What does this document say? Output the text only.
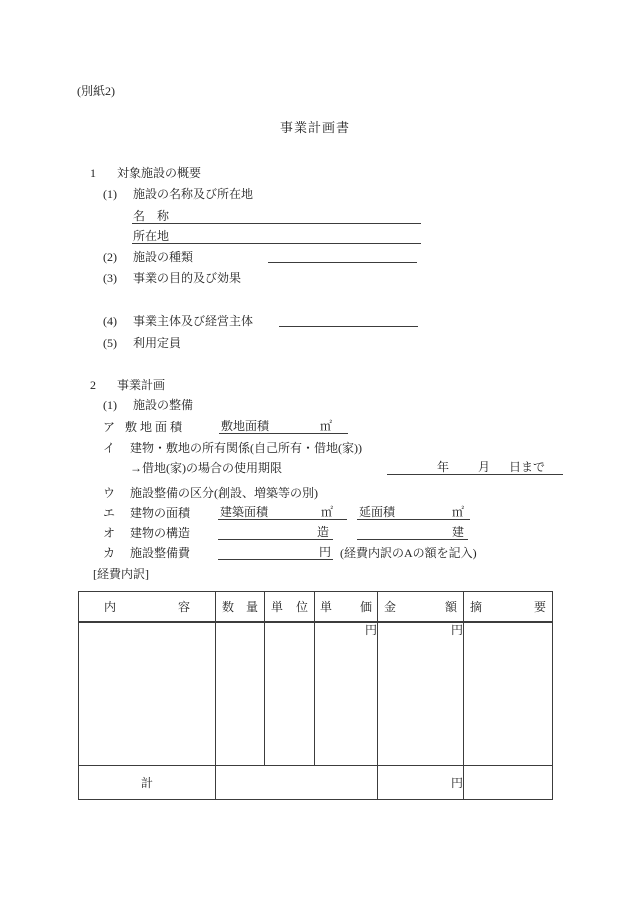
(別紙2)
事業計画書
1 対象施設の概要
(1) 施設の名称及び所在地
名　称
所在地
(2) 施設の種類
(3) 事業の目的及び効果
(4) 事業主体及び経営主体
(5) 利用定員
2 事業計画
(1) 施設の整備
ア 敷 地 面 積	敷地面積	㎡
イ 建物・敷地の所有関係(自己所有・借地(家))
→借地(家)の場合の使用期限	年 月 日まで
ウ 施設整備の区分(創設、増築等の別)
エ 建物の面積 建築面積	㎡ 延面積	㎡
オ 建物の構造	造	建
カ 施設整備費	円 (経費内訳のAの額を記入)
[経費内訳]
内 容	数 量	単 位	単 価	金 額	摘 要

			円	円	
計				円	
